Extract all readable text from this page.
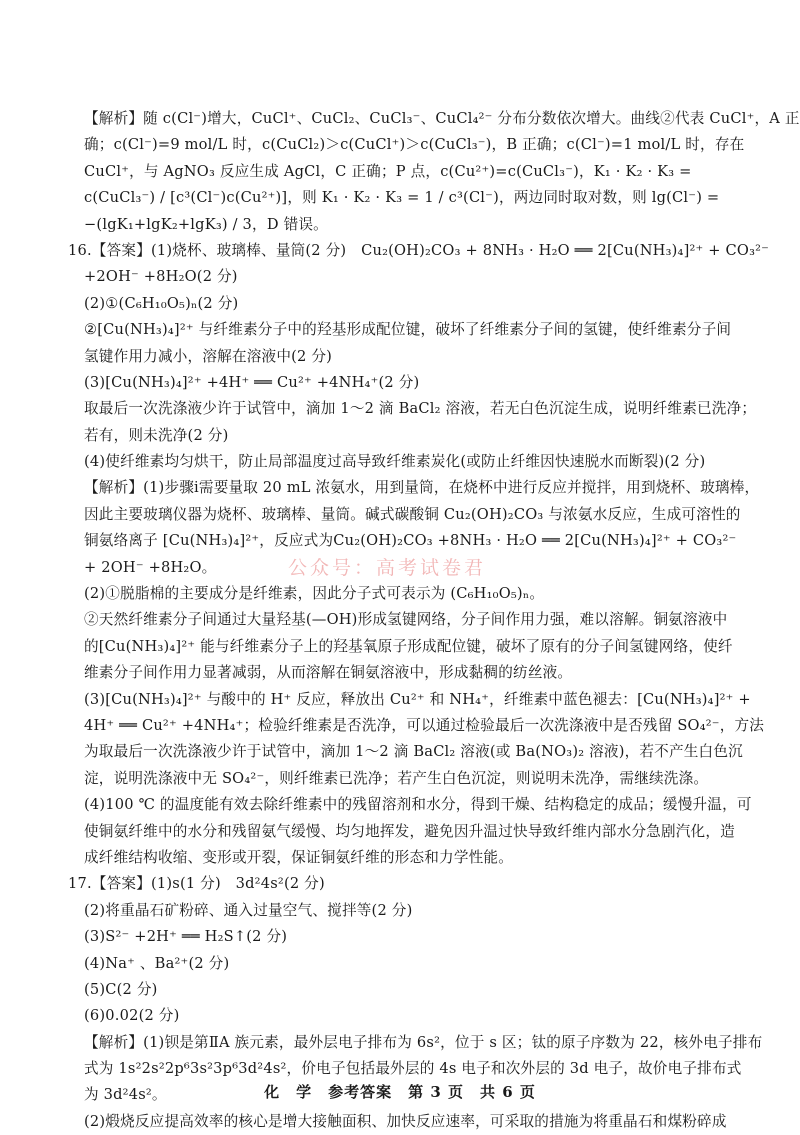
【解析】随 c(Cl⁻)增大，CuCl⁺、CuCl₂、CuCl₃⁻、CuCl₄²⁻ 分布分数依次增大。曲线②代表 CuCl⁺，A 正
确；c(Cl⁻)=9 mol/L 时，c(CuCl₂)＞c(CuCl⁺)＞c(CuCl₃⁻)，B 正确；c(Cl⁻)=1 mol/L 时，存在
CuCl⁺，与 AgNO₃ 反应生成 AgCl，C 正确；P 点，c(Cu²⁺)=c(CuCl₃⁻)，K₁ · K₂ · K₃ =
c(CuCl₃⁻) / [c³(Cl⁻)c(Cu²⁺)]，则 K₁ · K₂ · K₃ = 1 / c³(Cl⁻)，两边同时取对数，则 lg(Cl⁻) =
−(lgK₁+lgK₂+lgK₃) / 3，D 错误。
16.【答案】(1)烧杯、玻璃棒、量筒(2 分)　Cu₂(OH)₂CO₃ + 8NH₃ · H₂O ══ 2[Cu(NH₃)₄]²⁺ + CO₃²⁻
+2OH⁻ +8H₂O(2 分)
(2)①(C₆H₁₀O₅)ₙ(2 分)
②[Cu(NH₃)₄]²⁺ 与纤维素分子中的羟基形成配位键，破坏了纤维素分子间的氢键，使纤维素分子间
氢键作用力减小，溶解在溶液中(2 分)
(3)[Cu(NH₃)₄]²⁺ +4H⁺ ══ Cu²⁺ +4NH₄⁺(2 分)
取最后一次洗涤液少许于试管中，滴加 1～2 滴 BaCl₂ 溶液，若无白色沉淀生成，说明纤维素已洗净；
若有，则未洗净(2 分)
(4)使纤维素均匀烘干，防止局部温度过高导致纤维素炭化(或防止纤维因快速脱水而断裂)(2 分)
【解析】(1)步骤ⅰ需要量取 20 mL 浓氨水，用到量筒，在烧杯中进行反应并搅拌，用到烧杯、玻璃棒，
因此主要玻璃仪器为烧杯、玻璃棒、量筒。碱式碳酸铜 Cu₂(OH)₂CO₃ 与浓氨水反应，生成可溶性的
铜氨络离子 [Cu(NH₃)₄]²⁺，反应式为Cu₂(OH)₂CO₃ +8NH₃ · H₂O ══ 2[Cu(NH₃)₄]²⁺ + CO₃²⁻
+ 2OH⁻ +8H₂O。
(2)①脱脂棉的主要成分是纤维素，因此分子式可表示为 (C₆H₁₀O₅)ₙ。
②天然纤维素分子间通过大量羟基(—OH)形成氢键网络，分子间作用力强，难以溶解。铜氨溶液中
的[Cu(NH₃)₄]²⁺ 能与纤维素分子上的羟基氧原子形成配位键，破坏了原有的分子间氢键网络，使纤
维素分子间作用力显著减弱，从而溶解在铜氨溶液中，形成黏稠的纺丝液。
(3)[Cu(NH₃)₄]²⁺ 与酸中的 H⁺ 反应，释放出 Cu²⁺ 和 NH₄⁺，纤维素中蓝色褪去：[Cu(NH₃)₄]²⁺ +
4H⁺ ══ Cu²⁺ +4NH₄⁺；检验纤维素是否洗净，可以通过检验最后一次洗涤液中是否残留 SO₄²⁻，方法
为取最后一次洗涤液少许于试管中，滴加 1～2 滴 BaCl₂ 溶液(或 Ba(NO₃)₂ 溶液)，若不产生白色沉
淀，说明洗涤液中无 SO₄²⁻，则纤维素已洗净；若产生白色沉淀，则说明未洗净，需继续洗涤。
(4)100 ℃ 的温度能有效去除纤维素中的残留溶剂和水分，得到干燥、结构稳定的成品；缓慢升温，可
使铜氨纤维中的水分和残留氨气缓慢、均匀地挥发，避免因升温过快导致纤维内部水分急剧汽化，造
成纤维结构收缩、变形或开裂，保证铜氨纤维的形态和力学性能。
17.【答案】(1)s(1 分)　3d²4s²(2 分)
(2)将重晶石矿粉碎、通入过量空气、搅拌等(2 分)
(3)S²⁻ +2H⁺ ══ H₂S↑(2 分)
(4)Na⁺ 、Ba²⁺(2 分)
(5)C(2 分)
(6)0.02(2 分)
【解析】(1)钡是第ⅡA 族元素，最外层电子排布为 6s²，位于 s 区；钛的原子序数为 22，核外电子排布
式为 1s²2s²2p⁶3s²3p⁶3d²4s²，价电子包括最外层的 4s 电子和次外层的 3d 电子，故价电子排布式
为 3d²4s²。
(2)煅烧反应提高效率的核心是增大接触面积、加快反应速率，可采取的措施为将重晶石和煤粉碎成
公众号：高考试卷君
化　学　参考答案　第 3 页　共 6 页
